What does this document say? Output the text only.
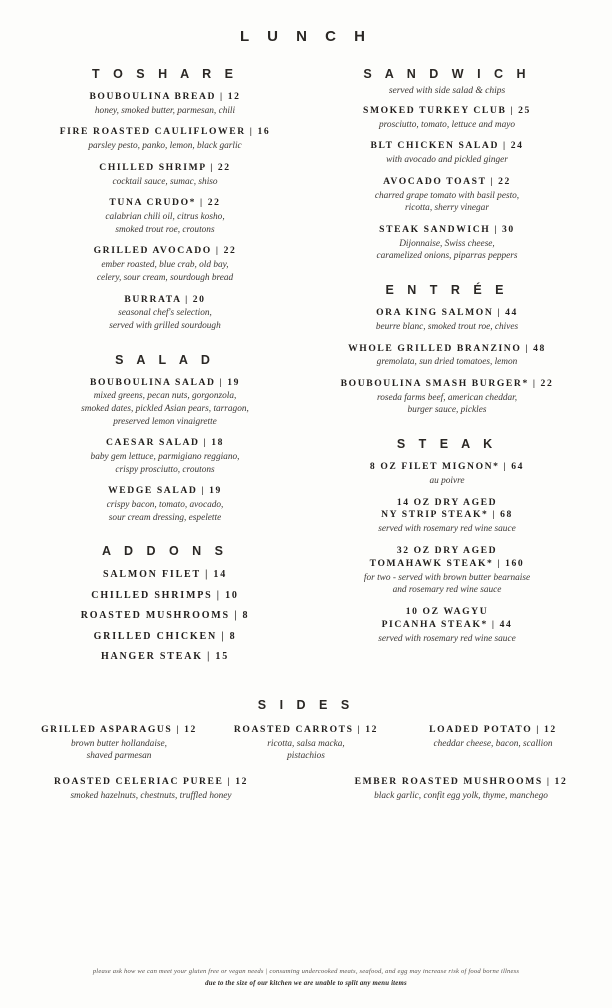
L U N C H
T O S H A R E
BOUBOULINA BREAD | 12
honey, smoked butter, parmesan, chili
FIRE ROASTED CAULIFLOWER | 16
parsley pesto, panko, lemon, black garlic
CHILLED SHRIMP | 22
cocktail sauce, sumac, shiso
TUNA CRUDO* | 22
calabrian chili oil, citrus kosho,
smoked trout roe, croutons
GRILLED AVOCADO | 22
ember roasted, blue crab, old bay,
celery, sour cream, sourdough bread
BURRATA | 20
seasonal chef's selection,
served with grilled sourdough
S A L A D
BOUBOULINA SALAD | 19
mixed greens, pecan nuts, gorgonzola,
smoked dates, pickled Asian pears, tarragon,
preserved lemon vinaigrette
CAESAR SALAD | 18
baby gem lettuce, parmigiano reggiano,
crispy prosciutto, croutons
WEDGE SALAD | 19
crispy bacon, tomato, avocado,
sour cream dressing, espelette
A D D O N S
SALMON FILET | 14
CHILLED SHRIMPS | 10
ROASTED MUSHROOMS | 8
GRILLED CHICKEN | 8
HANGER STEAK | 15
S A N D W I C H
served with side salad & chips
SMOKED TURKEY CLUB | 25
prosciutto, tomato, lettuce and mayo
BLT CHICKEN SALAD | 24
with avocado and pickled ginger
AVOCADO TOAST | 22
charred grape tomato with basil pesto,
ricotta, sherry vinegar
STEAK SANDWICH | 30
Dijonnaise, Swiss cheese,
caramelized onions, piparras peppers
E N T R É E
ORA KING SALMON | 44
beurre blanc, smoked trout roe, chives
WHOLE GRILLED BRANZINO | 48
gremolata, sun dried tomatoes, lemon
BOUBOULINA SMASH BURGER* | 22
roseda farms beef, american cheddar,
burger sauce, pickles
S T E A K
8 OZ FILET MIGNON* | 64
au poivre
14 OZ DRY AGED
NY STRIP STEAK* | 68
served with rosemary red wine sauce
32 OZ DRY AGED
TOMAHAWK STEAK* | 160
for two - served with brown butter bearnaise
and rosemary red wine sauce
10 OZ WAGYU
PICANHA STEAK* | 44
served with rosemary red wine sauce
S I D E S
GRILLED ASPARAGUS | 12
brown butter hollandaise,
shaved parmesan
ROASTED CARROTS | 12
ricotta, salsa macka,
pistachios
LOADED POTATO | 12
cheddar cheese, bacon, scallion
ROASTED CELERIAC PUREE | 12
smoked hazelnuts, chestnuts, truffled honey
EMBER ROASTED MUSHROOMS | 12
black garlic, confit egg yolk, thyme, manchego
please ask how we can meet your gluten free or vegan needs | consuming undercooked meats, seafood, and egg may increase risk of food borne illness
due to the size of our kitchen we are unable to split any menu items
